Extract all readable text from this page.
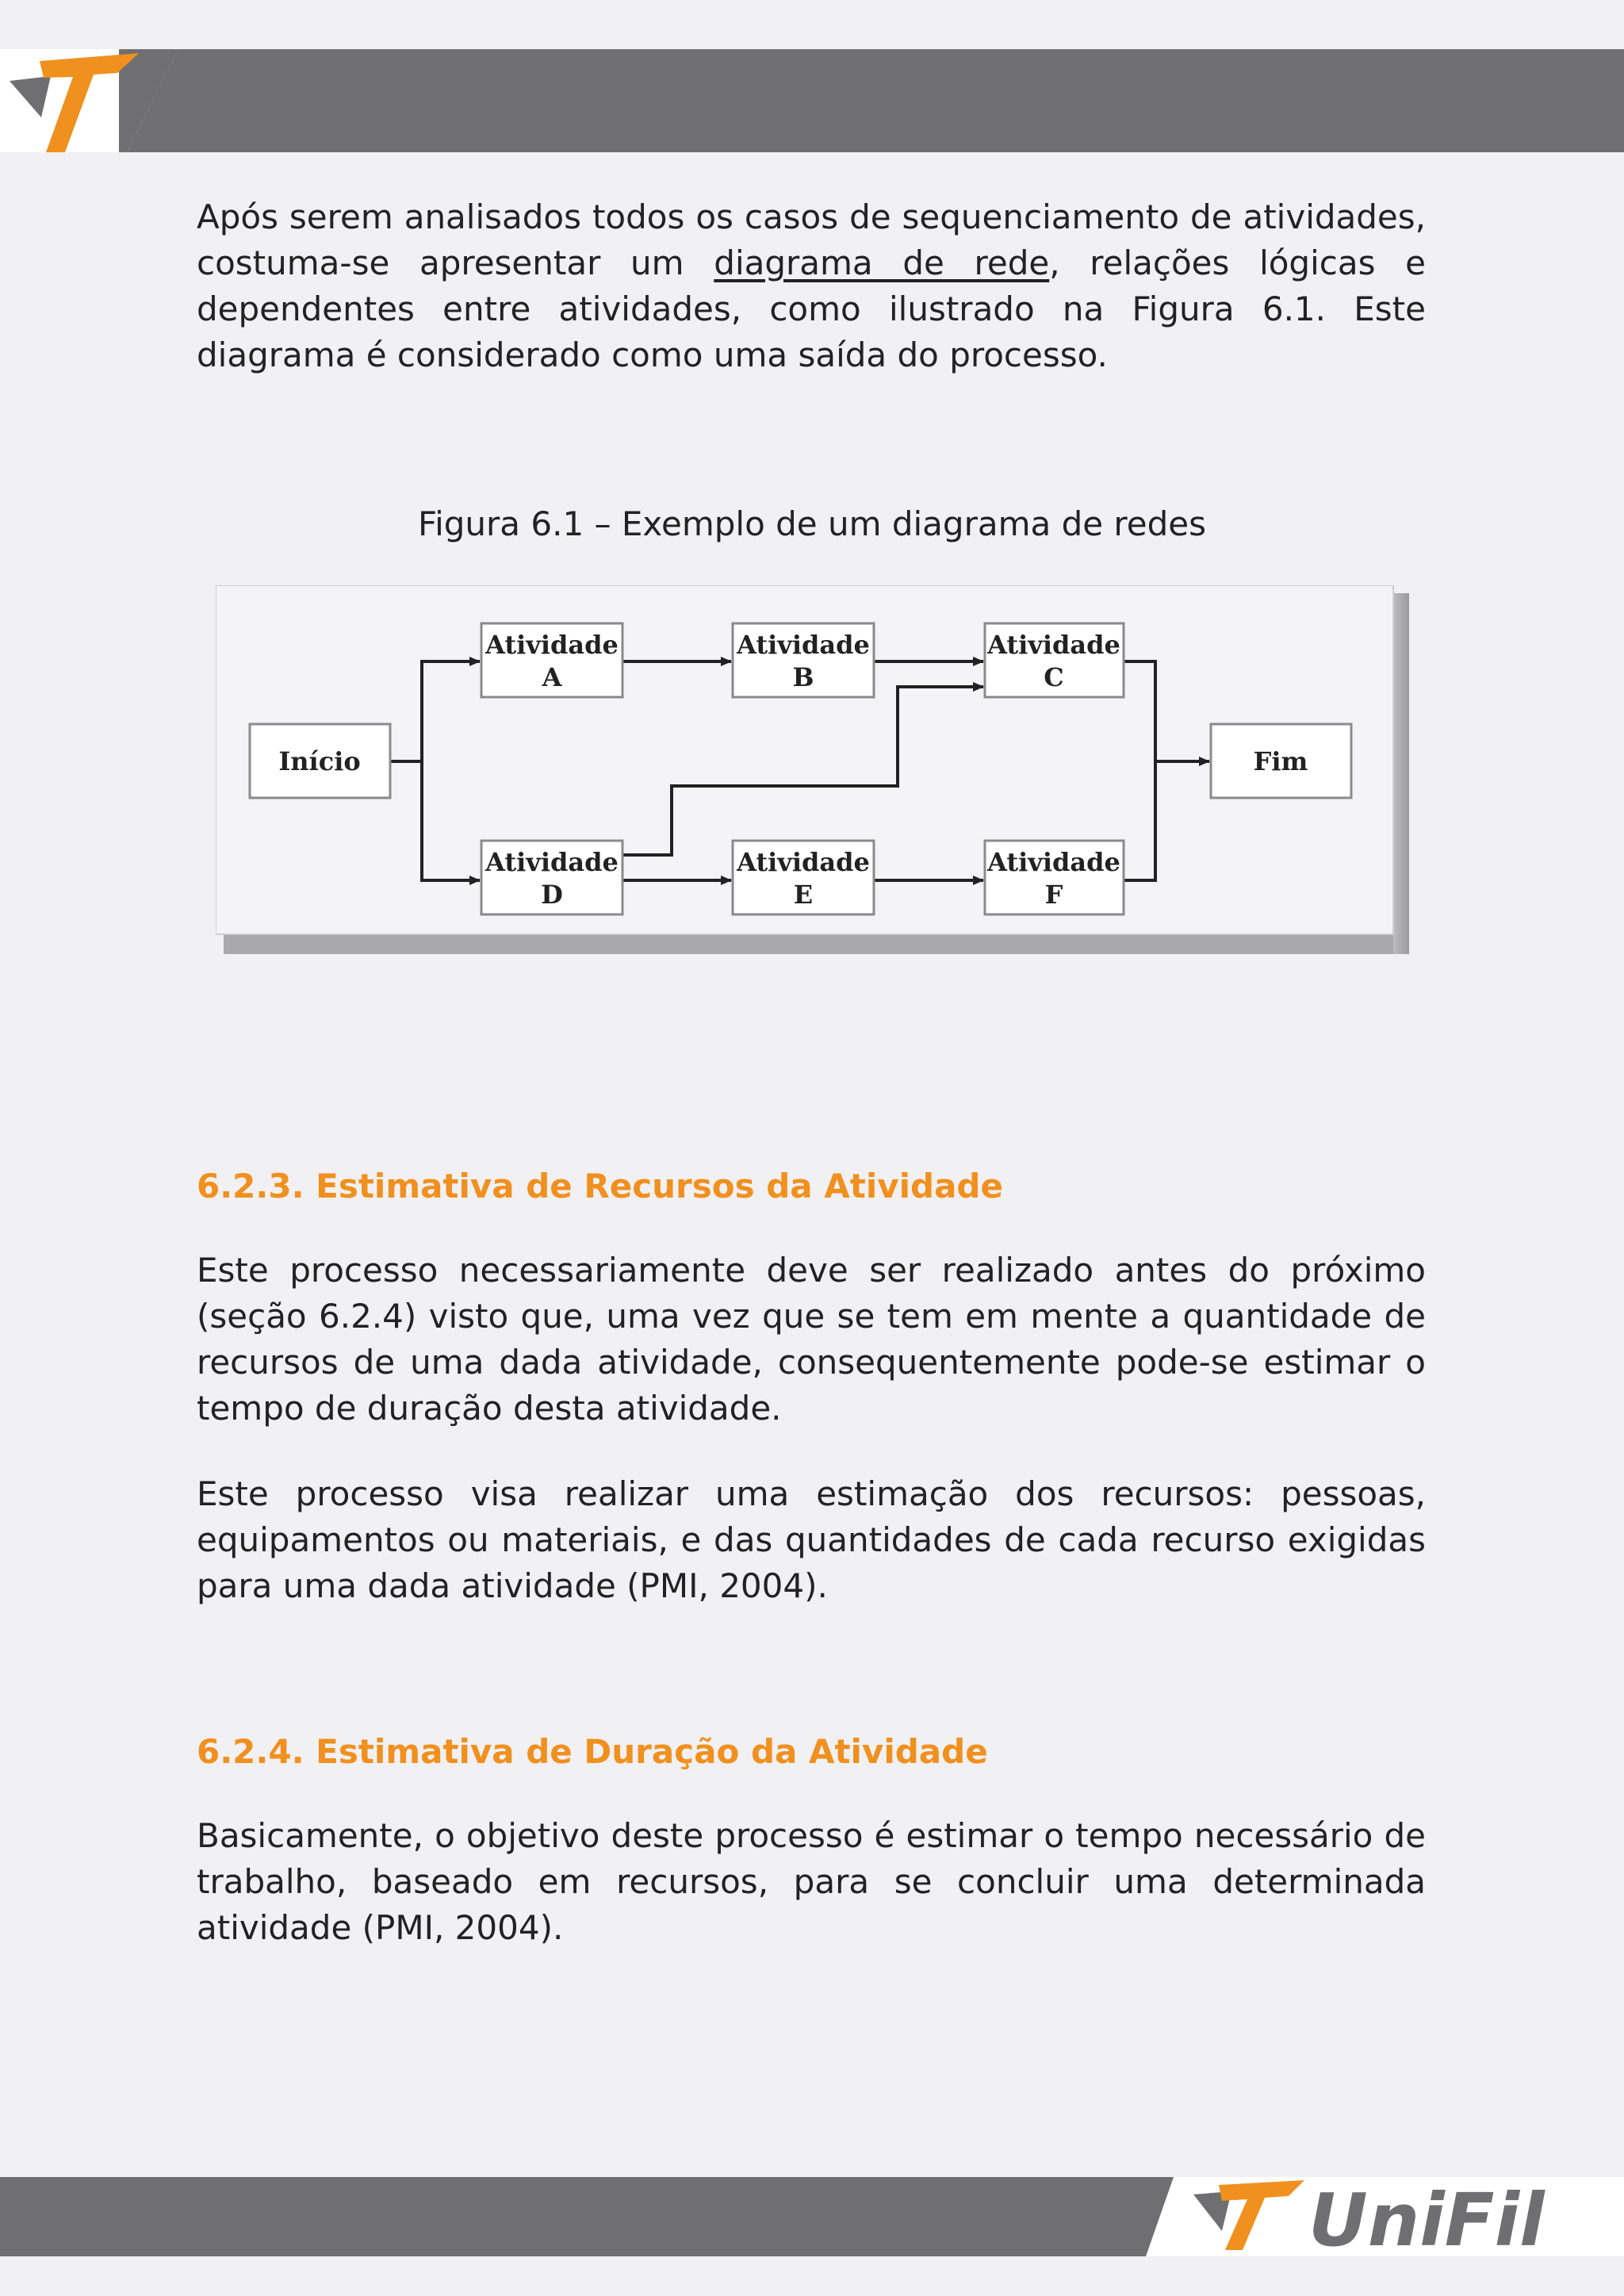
Após serem analisados todos os casos de sequenciamento de atividades, costuma-se apresentar um diagrama de rede, relações lógicas e dependentes entre atividades, como ilustrado na Figura 6.1. Este diagrama é considerado como uma saída do processo.

Figura 6.1 – Exemplo de um diagrama de redes

Início
Atividade
A
Atividade
B
Atividade
C
Atividade
D
Atividade
E
Atividade
F
Fim

6.2.3. Estimativa de Recursos da Atividade

Este processo necessariamente deve ser realizado antes do próximo (seção 6.2.4) visto que, uma vez que se tem em mente a quantidade de recursos de uma dada atividade, consequentemente pode-se estimar o tempo de duração desta atividade.

Este processo visa realizar uma estimação dos recursos: pessoas, equipamentos ou materiais, e das quantidades de cada recurso exigidas para uma dada atividade (PMI, 2004).

6.2.4. Estimativa de Duração da Atividade

Basicamente, o objetivo deste processo é estimar o tempo necessário de trabalho, baseado em recursos, para se concluir uma determinada atividade (PMI, 2004).

UniFil
